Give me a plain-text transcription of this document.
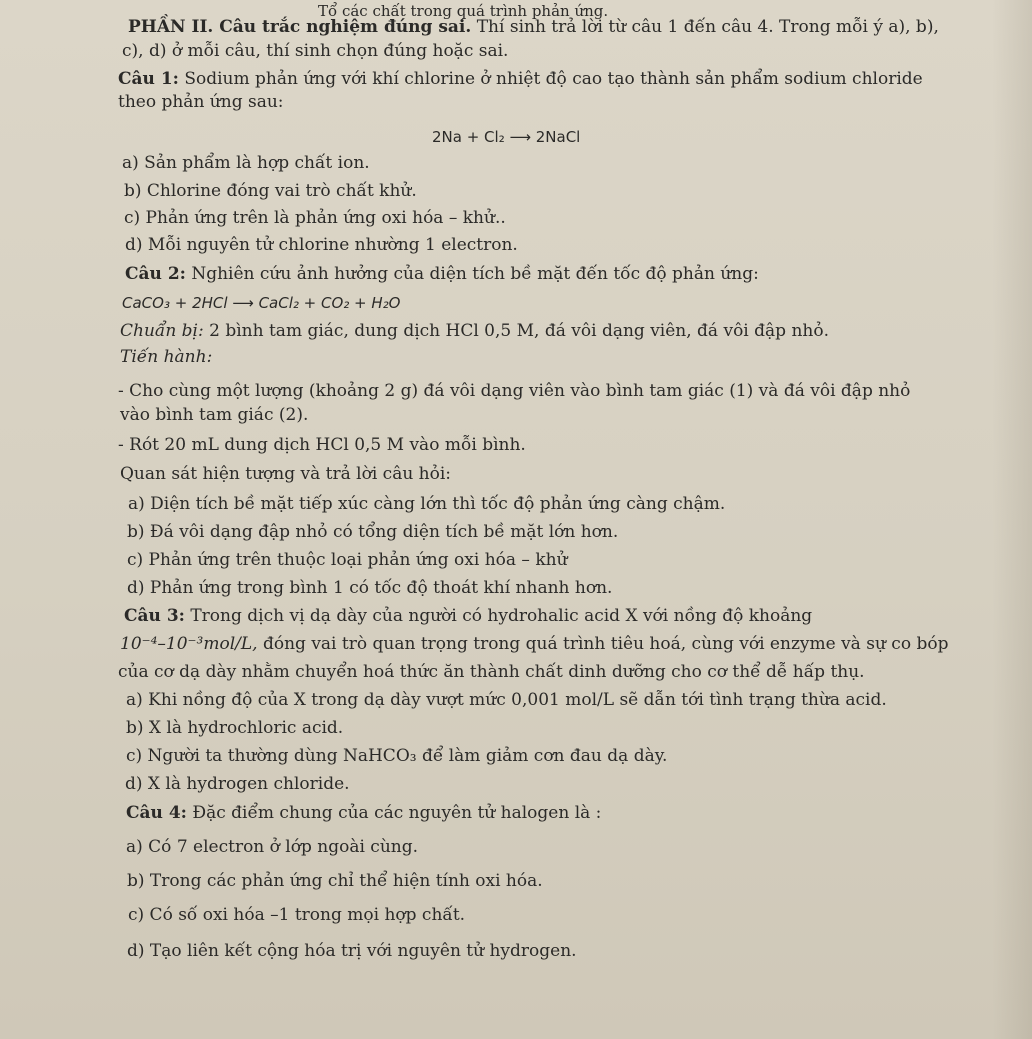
Tổ các chất trong quá trình phản ứng.
PHẦN II. Câu trắc nghiệm đúng sai. Thí sinh trả lời từ câu 1 đến câu 4. Trong mỗi ý a), b),
c), d) ở mỗi câu, thí sinh chọn đúng hoặc sai.
Câu 1: Sodium phản ứng với khí chlorine ở nhiệt độ cao tạo thành sản phẩm sodium chloride
theo phản ứng sau:
2Na + Cl₂ ⟶ 2NaCl
a) Sản phẩm là hợp chất ion.
b) Chlorine đóng vai trò chất khử.
c) Phản ứng trên là phản ứng oxi hóa – khử..
d) Mỗi nguyên tử chlorine nhường 1 electron.
Câu 2: Nghiên cứu ảnh hưởng của diện tích bề mặt đến tốc độ phản ứng:
CaCO₃ + 2HCl ⟶ CaCl₂ + CO₂ + H₂O
Chuẩn bị: 2 bình tam giác, dung dịch HCl 0,5 M, đá vôi dạng viên, đá vôi đập nhỏ.
Tiến hành:
- Cho cùng một lượng (khoảng 2 g) đá vôi dạng viên vào bình tam giác (1) và đá vôi đập nhỏ
vào bình tam giác (2).
- Rót 20 mL dung dịch HCl 0,5 M vào mỗi bình.
Quan sát hiện tượng và trả lời câu hỏi:
a) Diện tích bề mặt tiếp xúc càng lớn thì tốc độ phản ứng càng chậm.
b) Đá vôi dạng đập nhỏ có tổng diện tích bề mặt lớn hơn.
c) Phản ứng trên thuộc loại phản ứng oxi hóa – khử
d) Phản ứng trong bình 1 có tốc độ thoát khí nhanh hơn.
Câu 3: Trong dịch vị dạ dày của người có hydrohalic acid X với nồng độ khoảng
10⁻⁴–10⁻³mol/L, đóng vai trò quan trọng trong quá trình tiêu hoá, cùng với enzyme và sự co bóp
của cơ dạ dày nhằm chuyển hoá thức ăn thành chất dinh dưỡng cho cơ thể dễ hấp thụ.
a) Khi nồng độ của X trong dạ dày vượt mức 0,001 mol/L sẽ dẫn tới tình trạng thừa acid.
b) X là hydrochloric acid.
c) Người ta thường dùng NaHCO₃ để làm giảm cơn đau dạ dày.
d) X là hydrogen chloride.
Câu 4: Đặc điểm chung của các nguyên tử halogen là :
a) Có 7 electron ở lớp ngoài cùng.
b) Trong các phản ứng chỉ thể hiện tính oxi hóa.
c) Có số oxi hóa –1 trong mọi hợp chất.
d) Tạo liên kết cộng hóa trị với nguyên tử hydrogen.
